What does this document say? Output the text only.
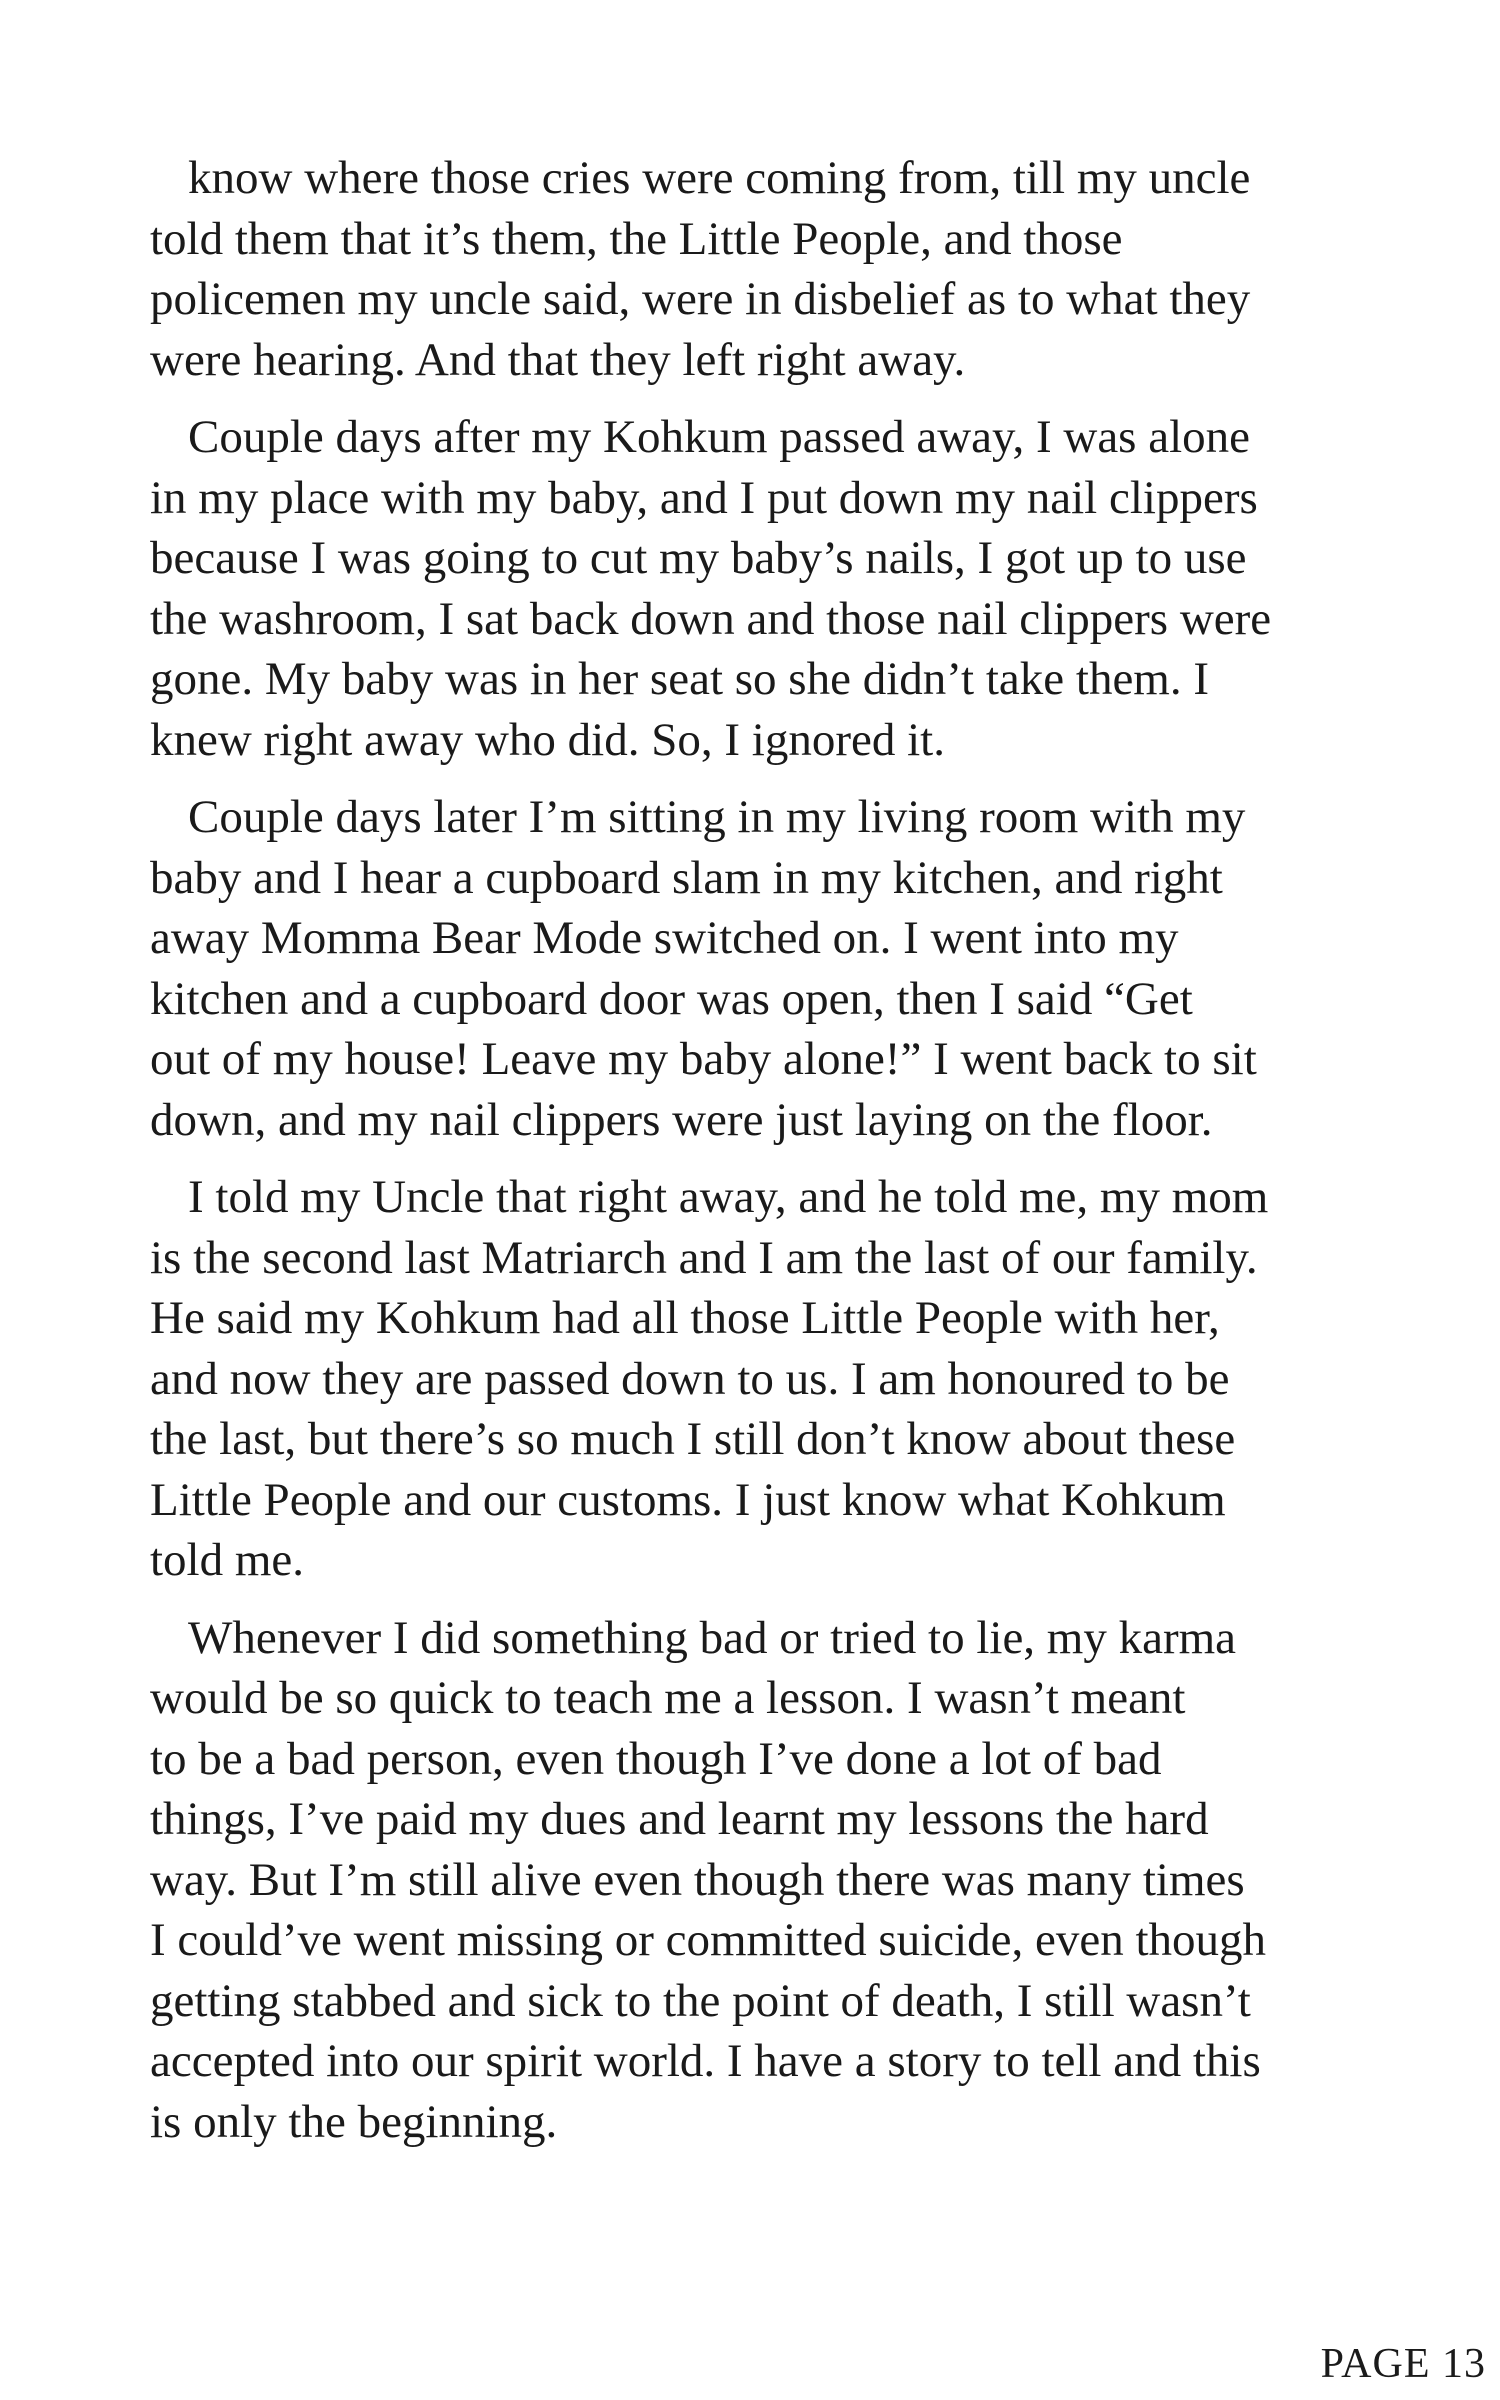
know where those cries were coming from, till my uncle
told them that it’s them, the Little People, and those
policemen my uncle said, were in disbelief as to what they
were hearing. And that they left right away.

Couple days after my Kohkum passed away, I was alone
in my place with my baby, and I put down my nail clippers
because I was going to cut my baby’s nails, I got up to use
the washroom, I sat back down and those nail clippers were
gone. My baby was in her seat so she didn’t take them. I
knew right away who did. So, I ignored it.

Couple days later I’m sitting in my living room with my
baby and I hear a cupboard slam in my kitchen, and right
away Momma Bear Mode switched on. I went into my
kitchen and a cupboard door was open, then I said “Get
out of my house! Leave my baby alone!” I went back to sit
down, and my nail clippers were just laying on the floor.

I told my Uncle that right away, and he told me, my mom
is the second last Matriarch and I am the last of our family.
He said my Kohkum had all those Little People with her,
and now they are passed down to us. I am honoured to be
the last, but there’s so much I still don’t know about these
Little People and our customs. I just know what Kohkum
told me.

Whenever I did something bad or tried to lie, my karma
would be so quick to teach me a lesson. I wasn’t meant
to be a bad person, even though I’ve done a lot of bad
things, I’ve paid my dues and learnt my lessons the hard
way. But I’m still alive even though there was many times
I could’ve went missing or committed suicide, even though
getting stabbed and sick to the point of death, I still wasn’t
accepted into our spirit world. I have a story to tell and this
is only the beginning.

PAGE 13
